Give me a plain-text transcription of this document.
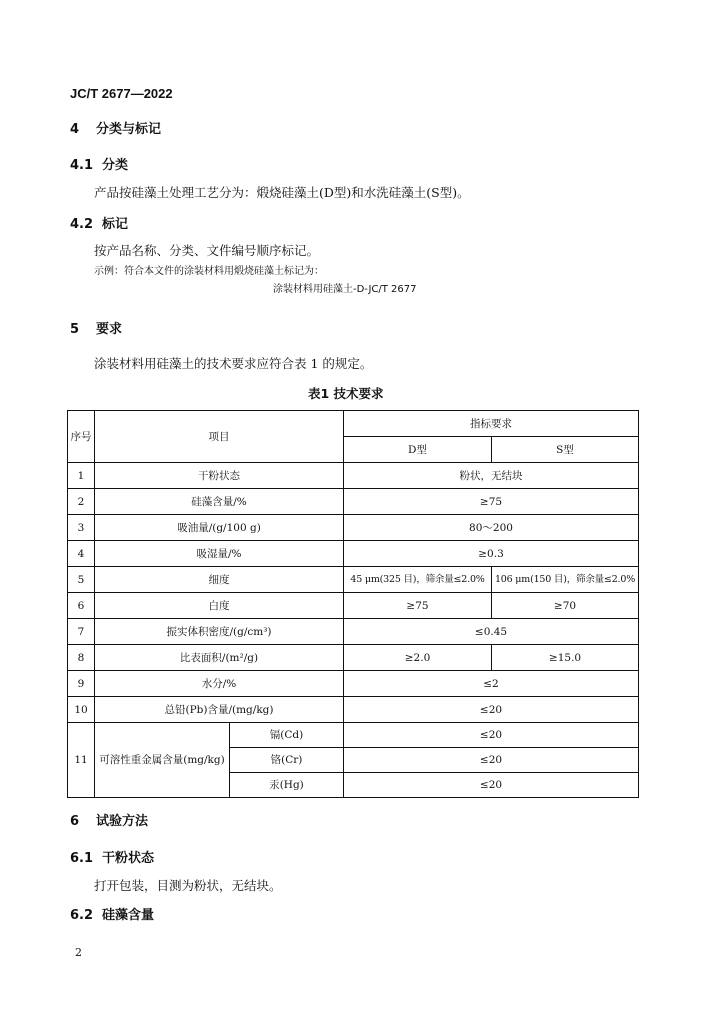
JC/T 2677—2022
4 分类与标记
4.1 分类
产品按硅藻土处理工艺分为：煅烧硅藻土(D型)和水洗硅藻土(S型)。
4.2 标记
按产品名称、分类、文件编号顺序标记。
示例：符合本文件的涂装材料用煅烧硅藻土标记为：
涂装材料用硅藻土-D-JC/T 2677
5 要求
涂装材料用硅藻土的技术要求应符合表 1 的规定。
表1 技术要求
序号	项目		指标要求	
			D型	S型
1	干粉状态		粉状，无结块	
2	硅藻含量/%		≥75	
3	吸油量/(g/100 g)		80～200	
4	吸湿量/%		≥0.3	
5	细度		45 μm(325 目)，筛余量≤2.0%	106 μm(150 目)，筛余量≤2.0%
6	白度		≥75	≥70
7	振实体积密度/(g/cm³)		≤0.45	
8	比表面积/(m²/g)		≥2.0	≥15.0
9	水分/%		≤2	
10	总铅(Pb)含量/(mg/kg)		≤20	
11	可溶性重金属含量(mg/kg)	镉(Cd)	≤20	
		铬(Cr)	≤20	
		汞(Hg)	≤20	
6 试验方法
6.1 干粉状态
打开包装，目测为粉状，无结块。
6.2 硅藻含量
2
